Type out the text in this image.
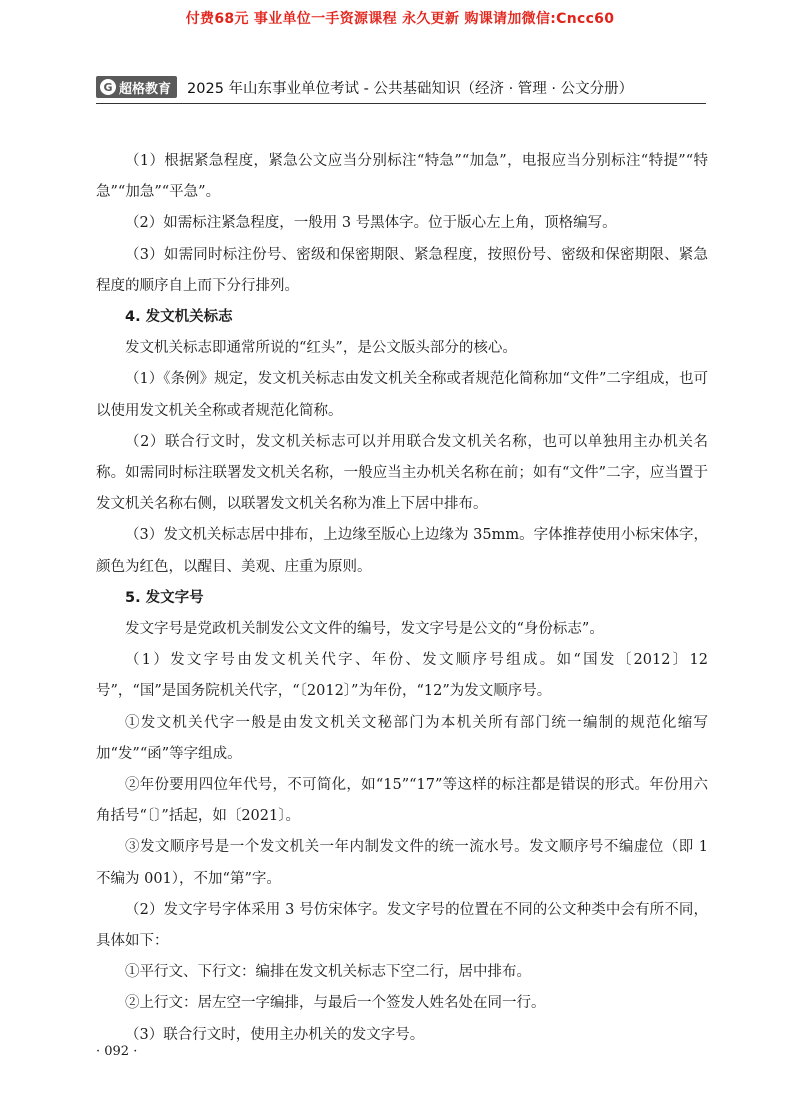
付费68元 事业单位一手资源课程 永久更新 购课请加微信:Cncc60
G 超格教育 2025 年山东事业单位考试 - 公共基础知识（经济 · 管理 · 公文分册）

（1）根据紧急程度，紧急公文应当分别标注“特急”“加急”，电报应当分别标注“特提”“特急”“加急”“平急”。

（2）如需标注紧急程度，一般用 3 号黑体字。位于版心左上角，顶格编写。

（3）如需同时标注份号、密级和保密期限、紧急程度，按照份号、密级和保密期限、紧急程度的顺序自上而下分行排列。

4. 发文机关标志

发文机关标志即通常所说的“红头”，是公文版头部分的核心。

（1）《条例》规定，发文机关标志由发文机关全称或者规范化简称加“文件”二字组成，也可以使用发文机关全称或者规范化简称。

（2）联合行文时，发文机关标志可以并用联合发文机关名称，也可以单独用主办机关名称。如需同时标注联署发文机关名称，一般应当主办机关名称在前；如有“文件”二字，应当置于发文机关名称右侧，以联署发文机关名称为准上下居中排布。

（3）发文机关标志居中排布，上边缘至版心上边缘为 35mm。字体推荐使用小标宋体字，颜色为红色，以醒目、美观、庄重为原则。

5. 发文字号

发文字号是党政机关制发公文文件的编号，发文字号是公文的“身份标志”。

（1）发文字号由发文机关代字、年份、发文顺序号组成。如“国发〔2012〕12 号”，“国”是国务院机关代字，“〔2012〕”为年份，“12”为发文顺序号。

①发文机关代字一般是由发文机关文秘部门为本机关所有部门统一编制的规范化缩写加“发”“函”等字组成。

②年份要用四位年代号，不可简化，如“15”“17”等这样的标注都是错误的形式。年份用六角括号“〔〕”括起，如〔2021〕。

③发文顺序号是一个发文机关一年内制发文件的统一流水号。发文顺序号不编虚位（即 1 不编为 001），不加“第”字。

（2）发文字号字体采用 3 号仿宋体字。发文字号的位置在不同的公文种类中会有所不同，具体如下：

①平行文、下行文：编排在发文机关标志下空二行，居中排布。

②上行文：居左空一字编排，与最后一个签发人姓名处在同一行。

（3）联合行文时，使用主办机关的发文字号。

· 092 ·
